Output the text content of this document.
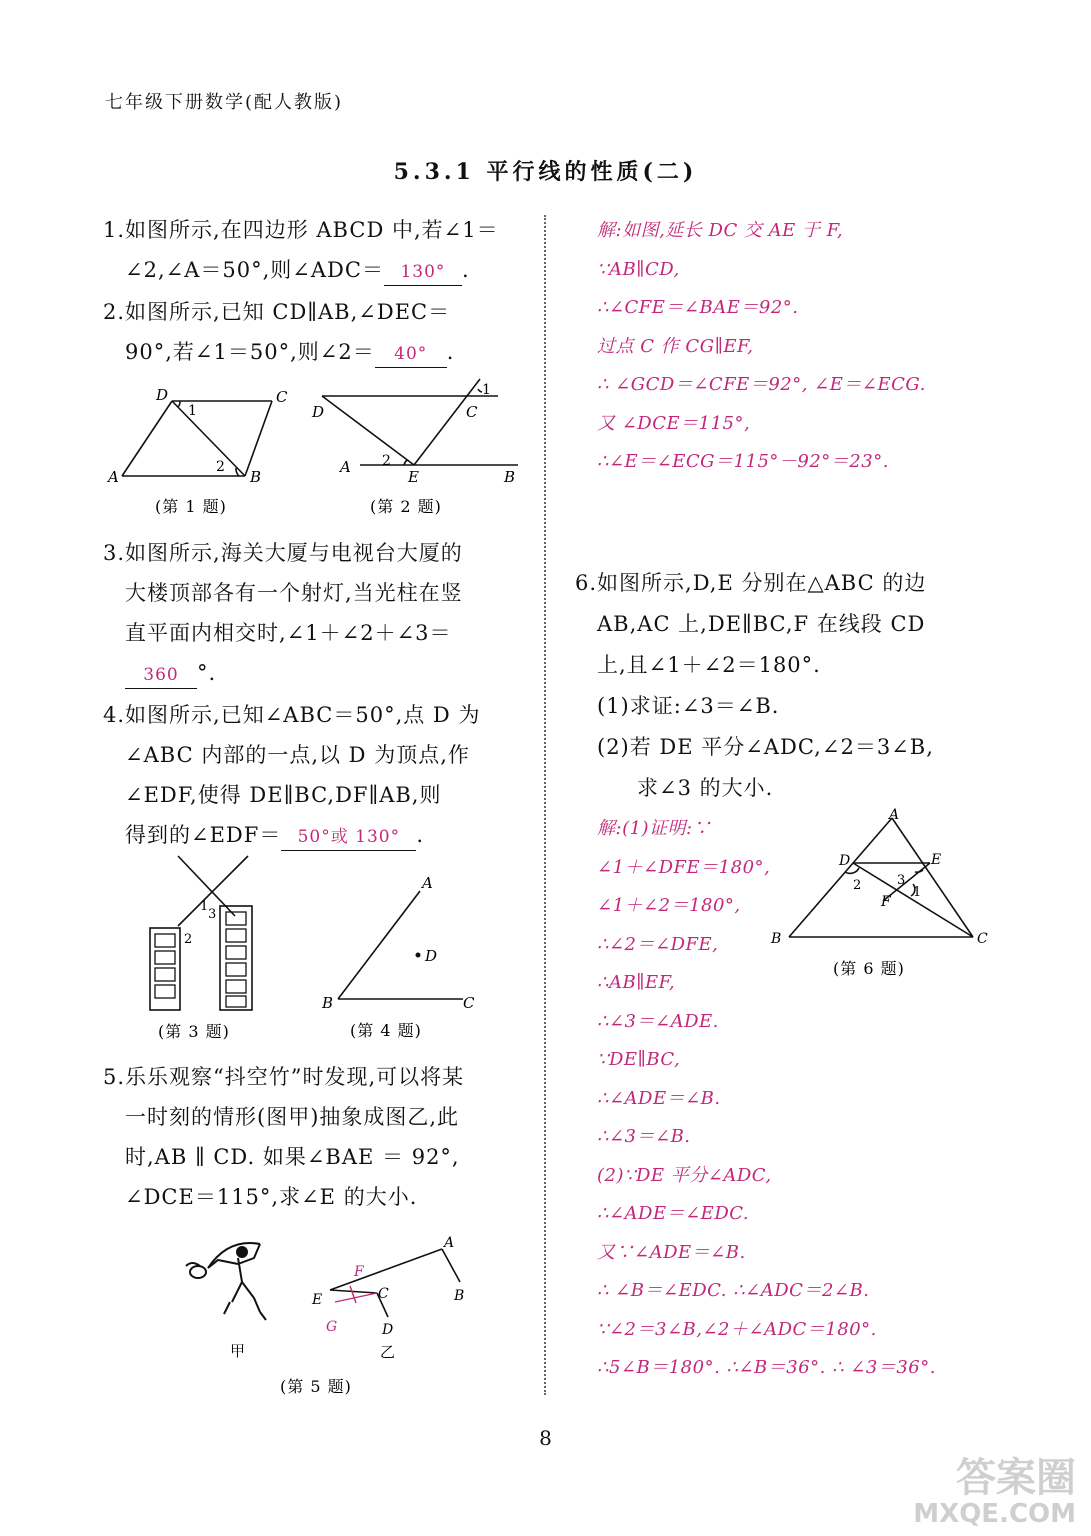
七年级下册数学(配人教版)
5.3.1 平行线的性质(二)

1.如图所示,在四边形 ABCD 中,若∠1＝
∠2,∠A＝50°,则∠ADC＝ 130° .

2.如图所示,已知 CD∥AB,∠DEC＝
90°,若∠1＝50°,则∠2＝ 40° .

D	C
A	B
1
2
(第 1 题)
D	C
A
B
E
1
2
(第 2 题)

3.如图所示,海关大厦与电视台大厦的
大楼顶部各有一个射灯,当光柱在竖
直平面内相交时,∠1＋∠2＋∠3＝
360 °.

4.如图所示,已知∠ABC＝50°,点 D 为
∠ABC 内部的一点,以 D 为顶点,作
∠EDF,使得 DE∥BC,DF∥AB,则
得到的∠EDF＝ 50°或 130° .

1
3
2
(第 3 题)
A
B	C
D
(第 4 题)

5.乐乐观察“抖空竹”时发现,可以将某
一时刻的情形(图甲)抽象成图乙,此
时,AB ∥ CD. 如果∠BAE ＝ 92°,
∠DCE＝115°,求∠E 的大小.

甲
A
B
C
D
E
F
G
乙
(第 5 题)
解:如图,延长 DC 交 AE 于 F,
∵AB∥CD,
∴∠CFE＝∠BAE＝92°.
过点 C 作 CG∥EF,
∴ ∠GCD＝∠CFE＝92°, ∠E＝∠ECG.
又 ∠DCE＝115°,
∴∠E＝∠ECG＝115°－92°＝23°.

6.如图所示,D,E 分别在△ABC 的边
AB,AC 上,DE∥BC,F 在线段 CD
上,且∠1＋∠2＝180°.
(1)求证:∠3＝∠B.
(2)若 DE 平分∠ADC,∠2＝3∠B,
求∠3 的大小.

解:(1)证明:∵
∠1＋∠DFE＝180°,
∠1＋∠2＝180°,
∴∠2＝∠DFE,
∴AB∥EF,
∴∠3＝∠ADE.
∵DE∥BC,
∴∠ADE＝∠B.
∴∠3＝∠B.
(2)∵DE 平分∠ADC,
∴∠ADE＝∠EDC.
又∵∠ADE＝∠B.
∴ ∠B＝∠EDC. ∴∠ADC＝2∠B.
∵∠2＝3∠B,∠2＋∠ADC＝180°.
∴5∠B＝180°. ∴∠B＝36°. ∴ ∠3＝36°.
A
B	C
D	E
F
2	1
3
(第 6 题)
8
答案圈
MXQE.COM
